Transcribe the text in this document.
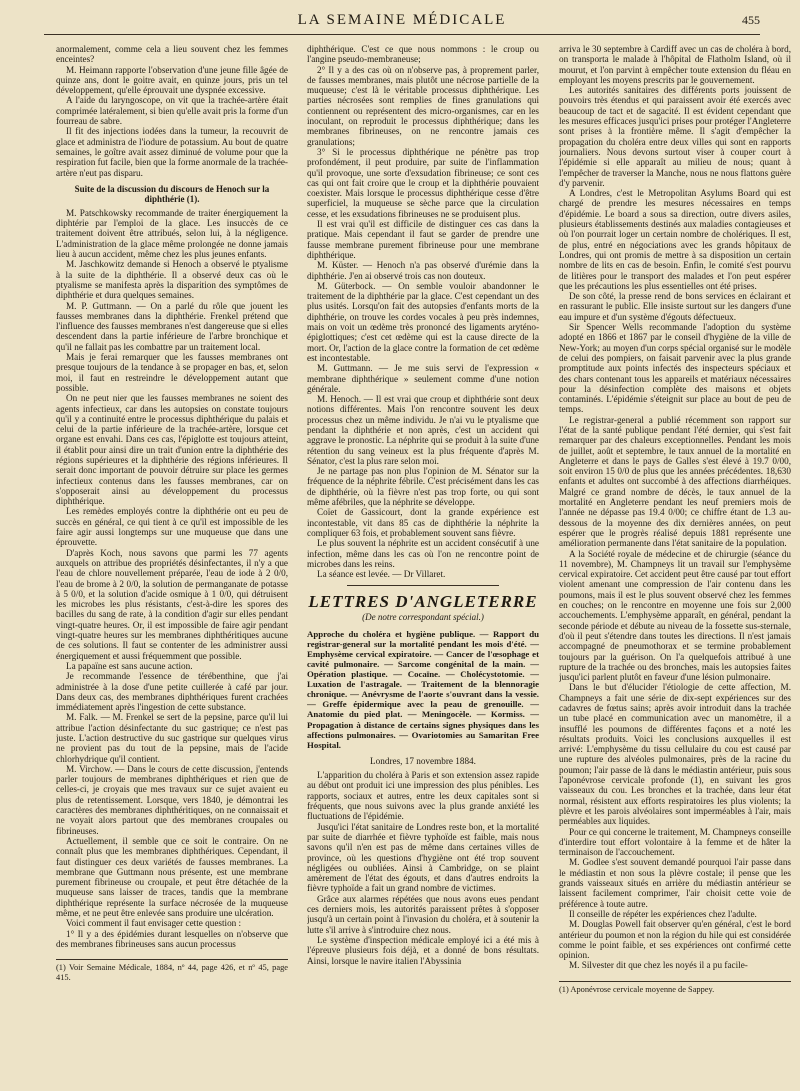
LA SEMAINE MÉDICALE	455

anormalement, comme cela a lieu souvent chez les femmes enceintes?

M. Heimann rapporte l'observation d'une jeune fille âgée de quinze ans, dont le goitre avait, en quinze jours, pris un tel développement, qu'elle éprouvait une dyspnée excessive.

A l'aide du laryngoscope, on vit que la trachée-artère était comprimée latéralement, si bien qu'elle avait pris la forme d'un fourreau de sabre.

Il fit des injections iodées dans la tumeur, la recouvrit de glace et administra de l'iodure de potassium. Au bout de quatre semaines, le goître avait assez diminué de volume pour que la respiration fut facile, bien que la forme anormale de la trachée-artère n'eut pas disparu.

Suite de la discussion du discours de Henoch sur la diphthérie (1).

M. Patschkowsky recommande de traiter énergiquement la diphtérie par l'emploi de la glace. Les insuccès de ce traitement doivent être attribués, selon lui, à la négligence. L'administration de la glace même prolongée ne donne jamais lieu à aucun accident, même chez les plus jeunes enfants.

M. Jaschkowitz demande si Henoch a observé le ptyalisme à la suite de la diphthérie. Il a observé deux cas où le ptyalisme se manifesta après la disparition des symptômes de diphthérie et dura quelques semaines.

M. P. Guttmann. — On a parlé du rôle que jouent les fausses membranes dans la diphthérie. Frenkel prétend que l'influence des fausses membranes n'est dangereuse que si elles descendent dans la partie inférieure de l'arbre bronchique et qu'il ne fallait pas les combattre par un traitement local.

Mais je ferai remarquer que les fausses membranes ont presque toujours de la tendance à se propager en bas, et, selon moi, il faut en restreindre le développement autant que possible.

On ne peut nier que les fausses membranes ne soient des agents infectieux, car dans les autopsies on constate toujours qu'il y a continuité entre le processus diphthérique du palais et celui de la partie inférieure de la trachée-artère, lorsque cet organe est envahi. Dans ces cas, l'épiglotte est toujours atteint, il établit pour ainsi dire un trait d'union entre la diphthérie des régions supérieures et la diphthérie des régions inférieures. Il serait donc important de pouvoir détruire sur place les germes infectieux contenus dans les fausses membranes, car on s'opposerait ainsi au développement du processus diphthérique.

Les remèdes employés contre la diphthérie ont eu peu de succès en général, ce qui tient à ce qu'il est impossible de les faire agir aussi longtemps sur une muqueuse que dans une éprouvette.

D'après Koch, nous savons que parmi les 77 agents auxquels on attribue des propriétés désinfectantes, il n'y a que l'eau de chlore nouvellement préparée, l'eau de iode à 2 0/0, l'eau de brome à 2 0/0, la solution de permanganate de potasse à 5 0/0, et la solution d'acide osmique à 1 0/0, qui détruisent les microbes les plus résistants, c'est-à-dire les spores des bacilles du sang de rate, à la condition d'agir sur elles pendant vingt-quatre heures. Or, il est impossible de faire agir pendant vingt-quatre heures sur les membranes diphthéritiques aucune de ces solutions. Il faut se contenter de les administrer aussi énergiquement et aussi fréquemment que possible.

La papaïne est sans aucune action.

Je recommande l'essence de térébenthine, que j'ai administrée à la dose d'une petite cuillerée à café par jour. Dans deux cas, des membranes diphthériques furent crachées immédiatement après l'ingestion de cette substance.

M. Falk. — M. Frenkel se sert de la pepsine, parce qu'il lui attribue l'action désinfectante du suc gastrique; ce n'est pas juste. L'action destructive du suc gastrique sur quelques virus ne provient pas du tout de la pepsine, mais de l'acide chlorhydrique qu'il contient.

M. Virchow. — Dans le cours de cette discussion, j'entends parler toujours de membranes diphthériques et rien que de celles-ci, je croyais que mes travaux sur ce sujet avaient eu plus de retentissement. Lorsque, vers 1840, je démontrai les caractères des membranes diphthéritiques, on ne connaissait et ne voyait alors partout que des membranes croupales ou fibrineuses.

Actuellement, il semble que ce soit le contraire. On ne connaît plus que les membranes diphthériques. Cependant, il faut distinguer ces deux variétés de fausses membranes. La membrane que Guttmann nous présente, est une membrane purement fibrineuse ou croupale, et peut être détachée de la muqueuse sans laisser de traces, tandis que la membrane diphthérique représente la surface nécrosée de la muqueuse même, et ne peut être enlevée sans produire une ulcération.

Voici comment il faut envisager cette question :

1° Il y a des épidémies durant lesquelles on n'observe que des membranes fibrineuses sans aucun processus

(1) Voir Semaine Médicale, 1884, nº 44, page 426, et nº 45, page 415.

diphthérique. C'est ce que nous nommons : le croup ou l'angine pseudo-membraneuse;

2° Il y a des cas où on n'observe pas, à proprement parler, de fausses membranes, mais plutôt une nécrose partielle de la muqueuse; c'est là le véritable processus diphthérique. Les parties nécrosées sont remplies de fines granulations qui contiennent ou représentent des micro-organismes, car en les inoculant, on reproduit le processus diphthérique; dans les membranes fibrineuses, on ne rencontre jamais ces granulations;

3° Si le processus diphthérique ne pénètre pas trop profondément, il peut produire, par suite de l'inflammation qu'il provoque, une sorte d'exsudation fibrineuse; ce sont ces cas qui ont fait croire que le croup et la diphthérie pouvaient coexister. Mais lorsque le processus diphthérique cesse d'être superficiel, la muqueuse se sèche parce que la circulation cesse, et les exsudations fibrineuses ne se produisent plus.

Il est vrai qu'il est difficile de distinguer ces cas dans la pratique. Mais cependant il faut se garder de prendre une fausse membrane purement fibrineuse pour une membrane diphthérique.

M. Küster. — Henoch n'a pas observé d'urémie dans la diphthérie. J'en ai observé trois cas non douteux.

M. Güterbock. — On semble vouloir abandonner le traitement de la diphthérie par la glace. C'est cependant un des plus usités. Lorsqu'on fait des autopsies d'enfants morts de la diphthérie, on trouve les cordes vocales à peu près indemnes, mais on voit un œdème très prononcé des ligaments aryténo-épiglottiques; c'est cet œdème qui est la cause directe de la mort. Or, l'action de la glace contre la formation de cet œdème est incontestable.

M. Guttmann. — Je me suis servi de l'expression « membrane diphthérique » seulement comme d'une notion générale.

M. Henoch. — Il est vrai que croup et diphthérie sont deux notions différentes. Mais l'on rencontre souvent les deux processus chez un même individu. Je n'ai vu le ptyalisme que pendant la diphthérie et non après, c'est un accident qui aggrave le pronostic. La néphrite qui se produit à la suite d'une rétention du sang veineux est la plus fréquente d'après M. Sénator, c'est la plus rare selon moi.

Je ne partage pas non plus l'opinion de M. Sénator sur la fréquence de la néphrite fébrile. C'est précisément dans les cas de diphthérie, où la fièvre n'est pas trop forte, ou qui sont même afébriles, que la néphrite se développe.

Coïet de Gassicourt, dont la grande expérience est incontestable, vit dans 85 cas de diphthérie la néphrite la compliquer 63 fois, et probablement souvent sans fièvre.

Le plus souvent la néphrite est un accident consécutif à une infection, même dans les cas où l'on ne rencontre point de microbes dans les reins.

La séance est levée. — Dr Villaret.

LETTRES D'ANGLETERRE
(De notre correspondant spécial.)

Approche du choléra et hygiène publique. — Rapport du registrar-general sur la mortalité pendant les mois d'été. — Emphysème cervical expiratoire. — Cancer de l'œsophage et cavité pulmonaire. — Sarcome congénital de la main. — Opération plastique. — Cocaïne. — Cholécystotomie. — Luxation de l'astragale. — Traitement de la blennoragie chronique. — Anévrysme de l'aorte s'ouvrant dans la vessie. — Greffe épidermique avec la peau de grenouille. — Anatomie du pied plat. — Meningocèle. — Kormiss. — Propagation à distance de certains signes physiques dans les affections pulmonaires. — Ovariotomies au Samaritan Free Hospital.

Londres, 17 novembre 1884.

L'apparition du choléra à Paris et son extension assez rapide au début ont produit ici une impression des plus pénibles. Les rapports, sociaux et autres, entre les deux capitales sont si fréquents, que nous suivons avec la plus grande anxiété les fluctuations de l'épidémie.

Jusqu'ici l'état sanitaire de Londres reste bon, et la mortalité par suite de diarrhée et fièvre typhoïde est faible, mais nous savons qu'il n'en est pas de même dans certaines villes de province, où les questions d'hygiène ont été trop souvent négligées ou oubliées. Ainsi à Cambridge, on se plaint amèrement de l'état des égouts, et dans d'autres endroits la fièvre typhoïde a fait un grand nombre de victimes.

Grâce aux alarmes répétées que nous avons eues pendant ces derniers mois, les autorités paraissent prêtes à s'opposer jusqu'à un certain point à l'invasion du choléra, et à soutenir la lutte s'il arrive à s'introduire chez nous.

Le système d'inspection médicale employé ici a été mis à l'épreuve plusieurs fois déjà, et a donné de bons résultats. Ainsi, lorsque le navire italien l'Abyssinia

arriva le 30 septembre à Cardiff avec un cas de choléra à bord, on transporta le malade à l'hôpital de Flatholm Island, où il mourut, et l'on parvint à empêcher toute extension du fléau en employant les moyens prescrits par le gouvernement.

Les autorités sanitaires des différents ports jouissent de pouvoirs très étendus et qui paraissent avoir été exercés avec beaucoup de tact et de sagacité. Il est évident cependant que les mesures efficaces jusqu'ici prises pour protéger l'Angleterre sont prises à la frontière même. Il s'agit d'empêcher la propagation du choléra entre deux villes qui sont en rapports journaliers. Nous devons surtout viser à couper court à l'épidémie si elle apparaît au milieu de nous; quant à l'empêcher de traverser la Manche, nous ne nous flattons guère d'y parvenir.

A Londres, c'est le Metropolitan Asylums Board qui est chargé de prendre les mesures nécessaires en temps d'épidémie. Le board a sous sa direction, outre divers asiles, plusieurs établissements destinés aux maladies contagieuses et où l'on pourrait loger un certain nombre de cholériques. Il est, de plus, entré en négociations avec les grands hôpitaux de Londres, qui ont promis de mettre à sa disposition un certain nombre de lits en cas de besoin. Enfin, le comité s'est pourvu de litières pour le transport des malades et l'on peut espérer que les précautions les plus essentielles ont été prises.

De son côté, la presse rend de bons services en éclairant et en rassurant le public. Elle insiste surtout sur les dangers d'une eau impure et d'un système d'égouts défectueux.

Sir Spencer Wells recommande l'adoption du système adopté en 1866 et 1867 par le conseil d'hygiène de la ville de New-York; au moyen d'un corps spécial organisé sur le modèle de celui des pompiers, on faisait parvenir avec la plus grande promptitude aux points infectés des inspecteurs spéciaux et des chars contenant tous les appareils et matériaux nécessaires pour la désinfection complète des maisons et objets contaminés. L'épidémie s'éteignit sur place au bout de peu de temps.

Le registrar-general a publié récemment son rapport sur l'état de la santé publique pendant l'été dernier, qui s'est fait remarquer par des chaleurs exceptionnelles. Pendant les mois de juillet, août et septembre, le taux annuel de la mortalité en Angleterre et dans le pays de Galles s'est élevé à 19.7 0/00, soit environ 15 0/0 de plus que les années précédentes. 18,630 enfants et adultes ont succombé à des affections diarrhéiques. Malgré ce grand nombre de décès, le taux annuel de la mortalité en Angleterre pendant les neuf premiers mois de l'année ne dépasse pas 19.4 0/00; ce chiffre étant de 1.3 au-dessous de la moyenne des dix dernières années, on peut espérer que le progrès réalisé depuis 1881 représente une amélioration permanente dans l'état sanitaire de la population.

A la Société royale de médecine et de chirurgie (séance du 11 novembre), M. Champneys lit un travail sur l'emphysème cervical expiratoire. Cet accident peut être causé par tout effort violent amenant une compression de l'air contenu dans les poumons, mais il est le plus souvent observé chez les femmes en couches; on le rencontre en moyenne une fois sur 2,000 accouchements. L'emphysème apparaît, en général, pendant la seconde période et débute au niveau de la fossette sus-sternale, d'où il peut s'étendre dans toutes les directions. Il n'est jamais accompagné de pneumothorax et se termine probablement toujours par la guérison. On l'a quelquefois attribué à une rupture de la trachée ou des bronches, mais les autopsies faites jusqu'ici parlent plutôt en faveur d'une lésion pulmonaire.

Dans le but d'élucider l'étiologie de cette affection, M. Champneys a fait une série de dix-sept expériences sur des cadavres de fœtus sains; après avoir introduit dans la trachée un tube placé en communication avec un manomètre, il a insufflé les poumons de différentes façons et a noté les résultats produits. Voici les conclusions auxquelles il est arrivé: L'emphysème du tissu cellulaire du cou est causé par une rupture des alvéoles pulmonaires, près de la racine du poumon; l'air passe de là dans le médiastin antérieur, puis sous l'aponévrose cervicale profonde (1), en suivant les gros vaisseaux du cou. Les bronches et la trachée, dans leur état normal, résistent aux efforts respiratoires les plus violents; la plèvre et les parois alvéolaires sont imperméables à l'air, mais perméables aux liquides.

Pour ce qui concerne le traitement, M. Champneys conseille d'interdire tout effort volontaire à la femme et de hâter la terminaison de l'accouchement.

M. Godlee s'est souvent demandé pourquoi l'air passe dans le médiastin et non sous la plèvre costale; il pense que les grands vaisseaux situés en arrière du médiastin antérieur se laissent facilement comprimer, l'air choisit cette voie de préférence à toute autre.

Il conseille de répéter les expériences chez l'adulte.

M. Douglas Powell fait observer qu'en général, c'est le bord antérieur du poumon et non la région du hile qui est considérée comme le point faible, et ses expériences ont confirmé cette opinion.

M. Silvester dit que chez les noyés il a pu facile-

(1) Aponévrose cervicale moyenne de Sappey.
